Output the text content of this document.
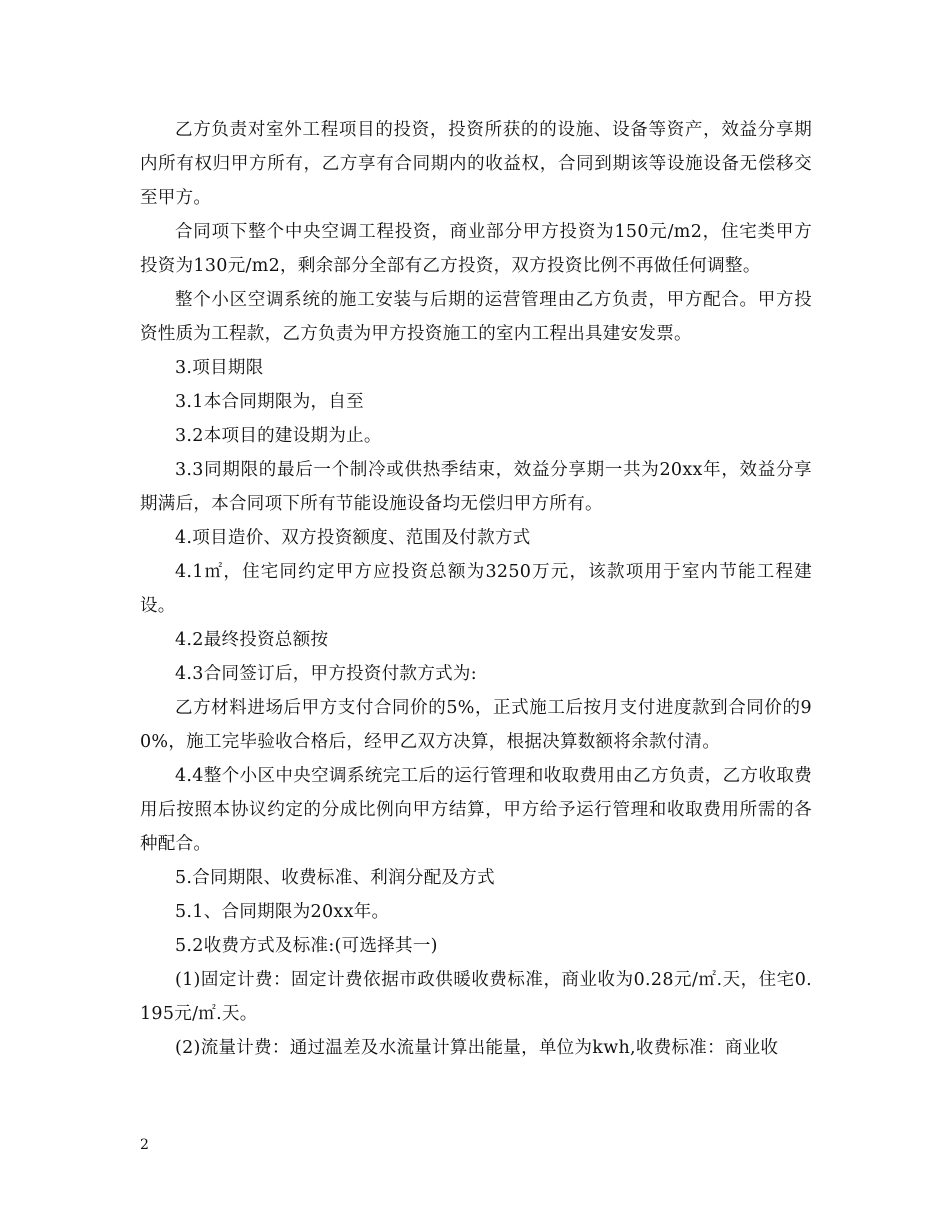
乙方负责对室外工程项目的投资，投资所获的的设施、设备等资产，效益分享期内所有权归甲方所有，乙方享有合同期内的收益权，合同到期该等设施设备无偿移交至甲方。

合同项下整个中央空调工程投资，商业部分甲方投资为150元/m2，住宅类甲方投资为130元/m2，剩余部分全部有乙方投资，双方投资比例不再做任何调整。

整个小区空调系统的施工安装与后期的运营管理由乙方负责，甲方配合。甲方投资性质为工程款，乙方负责为甲方投资施工的室内工程出具建安发票。

3.项目期限

3.1本合同期限为，自至

3.2本项目的建设期为止。

3.3同期限的最后一个制冷或供热季结束，效益分享期一共为20xx年，效益分享期满后，本合同项下所有节能设施设备均无偿归甲方所有。

4.项目造价、双方投资额度、范围及付款方式

4.1㎡，住宅同约定甲方应投资总额为3250万元，该款项用于室内节能工程建设。

4.2最终投资总额按

4.3合同签订后，甲方投资付款方式为:

乙方材料进场后甲方支付合同价的5%，正式施工后按月支付进度款到合同价的90%，施工完毕验收合格后，经甲乙双方决算，根据决算数额将余款付清。

4.4整个小区中央空调系统完工后的运行管理和收取费用由乙方负责，乙方收取费用后按照本协议约定的分成比例向甲方结算，甲方给予运行管理和收取费用所需的各种配合。

5.合同期限、收费标准、利润分配及方式

5.1、合同期限为20xx年。

5.2收费方式及标准:(可选择其一)

(1)固定计费：固定计费依据市政供暖收费标准，商业收为0.28元/㎡.天，住宅0.195元/㎡.天。

(2)流量计费：通过温差及水流量计算出能量，单位为kwh,收费标准：商业收

2
